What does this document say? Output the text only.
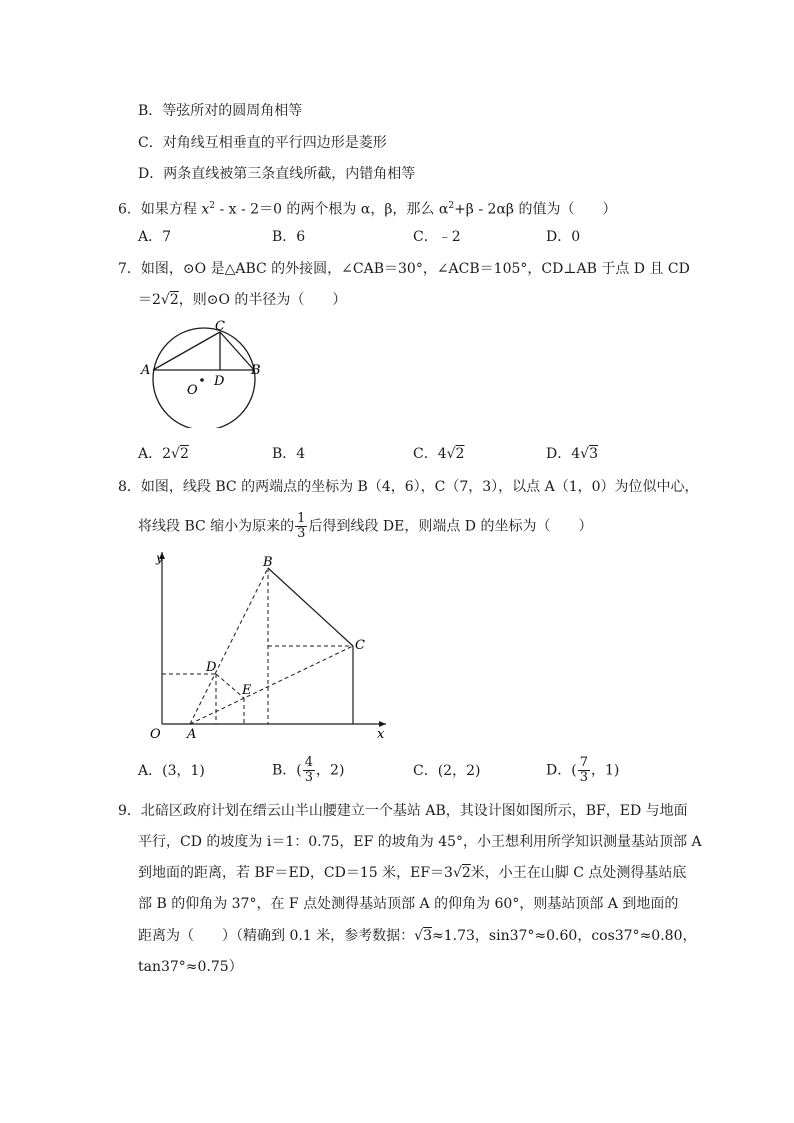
B．等弦所对的圆周角相等
C．对角线互相垂直的平行四边形是菱形
D．两条直线被第三条直线所截，内错角相等
6．如果方程 $x^2 - x - 2=0$ 的两个根为 α，β，那么 $\alpha^2+\beta - 2\alpha\beta$ 的值为（　　）
A．7	B．6	C．﹣2	D．0
7．如图，⊙O 是△ABC 的外接圆，∠CAB＝30°，∠ACB＝105°，CD⊥AB 于点 D 且 CD
＝2√2，则⊙O 的半径为（　　）
A	B
C
D
O
A．2√2	B．4	C．4√2	D．4√3
8．如图，线段 BC 的两端点的坐标为 B（4，6），C（7，3），以点 A（1，0）为位似中心，
将线段 BC 缩小为原来的 $\frac{1}{3}$ 后得到线段 DE，则端点 D 的坐标为（　　）
y
x
O A
B
C
D
E
A．(3，1)	B．( $\frac{4}{3}$ ，2)	C．(2，2)	D．( $\frac{7}{3}$ ，1)
9．北碚区政府计划在缙云山半山腰建立一个基站 AB，其设计图如图所示，BF，ED 与地面
平行，CD 的坡度为 i＝1：0.75，EF 的坡角为 45°，小王想利用所学知识测量基站顶部 A
到地面的距离，若 BF＝ED，CD＝15 米，EF＝3√2米，小王在山脚 C 点处测得基站底
部 B 的仰角为 37°，在 F 点处测得基站顶部 A 的仰角为 60°，则基站顶部 A 到地面的
距离为（　　）（精确到 0.1 米，参考数据：√3≈1.73，sin37°≈0.60，cos37°≈0.80，
tan37°≈0.75）
